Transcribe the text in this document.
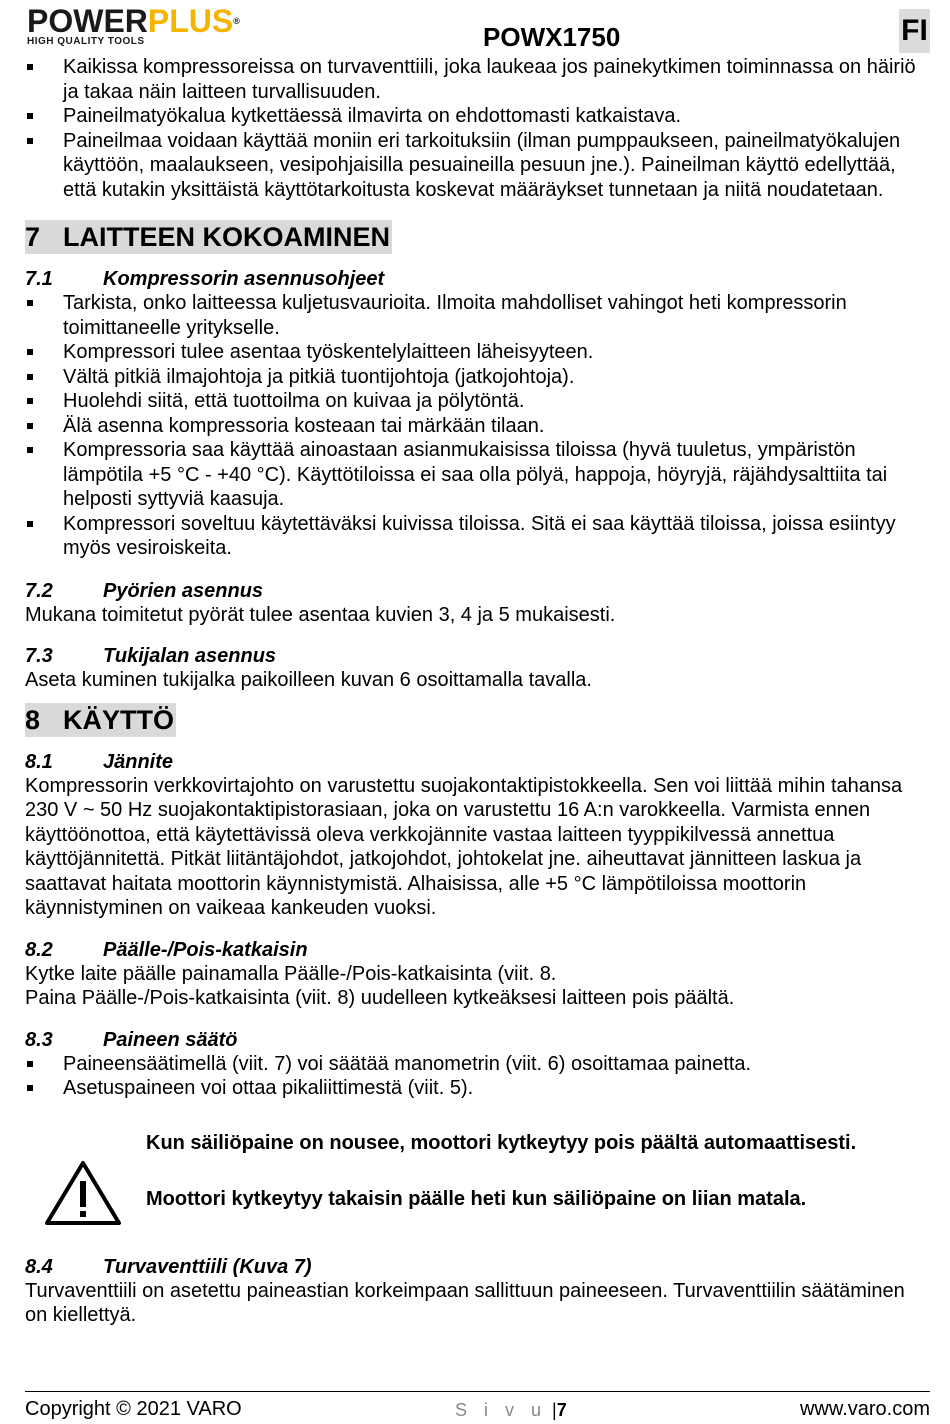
POWERPLUS®
HIGH QUALITY TOOLS	POWX1750	FI
Kaikissa kompressoreissa on turvaventtiili, joka laukeaa jos painekytkimen toiminnassa on häiriö ja takaa näin laitteen turvallisuuden.
Paineilmatyökalua kytkettäessä ilmavirta on ehdottomasti katkaistava.
Paineilmaa voidaan käyttää moniin eri tarkoituksiin (ilman pumppaukseen, paineilmatyökalujen käyttöön, maalaukseen, vesipohjaisilla pesuaineilla pesuun jne.). Paineilman käyttö edellyttää, että kutakin yksittäistä käyttötarkoitusta koskevat määräykset tunnetaan ja niitä noudatetaan.
7 LAITTEEN KOKOAMINEN
7.1	Kompressorin asennusohjeet
Tarkista, onko laitteessa kuljetusvaurioita. Ilmoita mahdolliset vahingot heti kompressorin toimittaneelle yritykselle.
Kompressori tulee asentaa työskentelylaitteen läheisyyteen.
Vältä pitkiä ilmajohtoja ja pitkiä tuontijohtoja (jatkojohtoja).
Huolehdi siitä, että tuottoilma on kuivaa ja pölytöntä.
Älä asenna kompressoria kosteaan tai märkään tilaan.
Kompressoria saa käyttää ainoastaan asianmukaisissa tiloissa (hyvä tuuletus, ympäristön lämpötila +5 °C - +40 °C). Käyttötiloissa ei saa olla pölyä, happoja, höyryjä, räjähdysalttiita tai helposti syttyviä kaasuja.
Kompressori soveltuu käytettäväksi kuivissa tiloissa. Sitä ei saa käyttää tiloissa, joissa esiintyy myös vesiroiskeita.
7.2	Pyörien asennus

Mukana toimitetut pyörät tulee asentaa kuvien 3, 4 ja 5 mukaisesti.

7.3	Tukijalan asennus

Aseta kuminen tukijalka paikoilleen kuvan 6 osoittamalla tavalla.

8 KÄYTTÖ
8.1	Jännite

Kompressorin verkkovirtajohto on varustettu suojakontaktipistokkeella. Sen voi liittää mihin tahansa 230 V ~ 50 Hz suojakontaktipistorasiaan, joka on varustettu 16 A:n varokkeella. Varmista ennen käyttöönottoa, että käytettävissä oleva verkkojännite vastaa laitteen tyyppikilvessä annettua käyttöjännitettä. Pitkät liitäntäjohdot, jatkojohdot, johtokelat jne. aiheuttavat jännitteen laskua ja saattavat haitata moottorin käynnistymistä. Alhaisissa, alle +5 °C lämpötiloissa moottorin käynnistyminen on vaikeaa kankeuden vuoksi.

8.2	Päälle-/Pois-katkaisin

Kytke laite päälle painamalla Päälle-/Pois-katkaisinta (viit. 8.

Paina Päälle-/Pois-katkaisinta (viit. 8) uudelleen kytkeäksesi laitteen pois päältä.

8.3	Paineen säätö
Paineensäätimellä (viit. 7) voi säätää manometrin (viit. 6) osoittamaa painetta.
Asetuspaineen voi ottaa pikaliittimestä (viit. 5).
Kun säiliöpaine on nousee, moottori kytkeytyy pois päältä automaattisesti.
Moottori kytkeytyy takaisin päälle heti kun säiliöpaine on liian matala.
8.4	Turvaventtiili (Kuva 7)

Turvaventtiili on asetettu paineastian korkeimpaan sallittuun paineeseen. Turvaventtiilin säätäminen on kiellettyä.

Copyright © 2021 VARO	S i v u |7	www.varo.com
